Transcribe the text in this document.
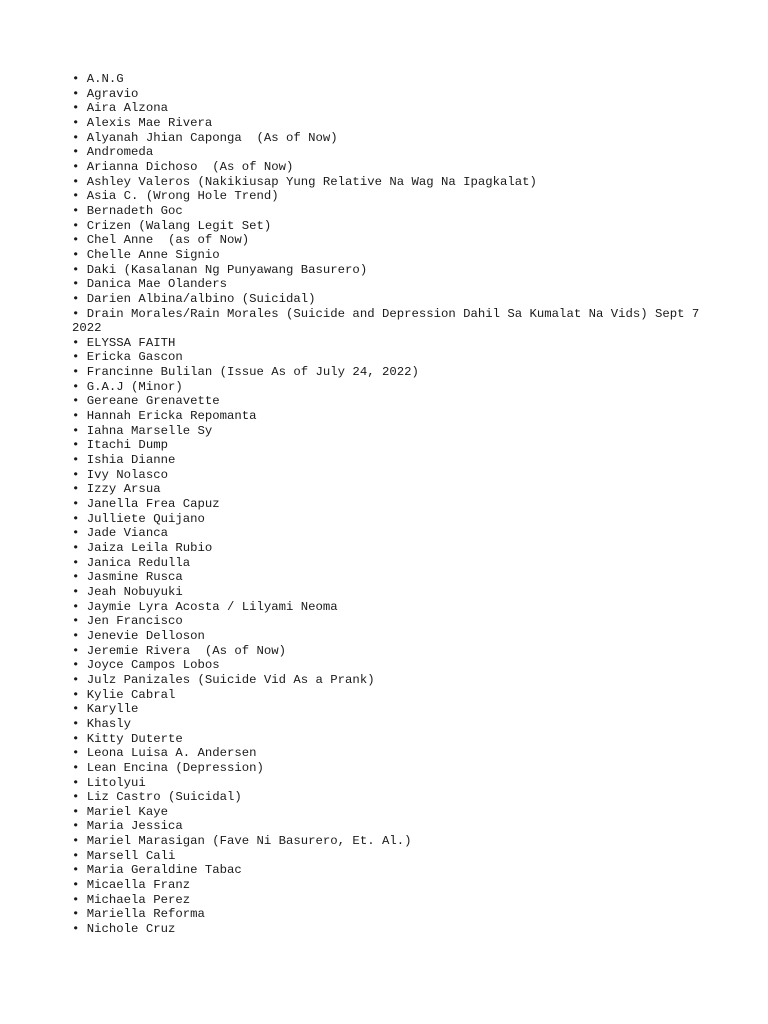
• A.N.G
• Agravio
• Aira Alzona
• Alexis Mae Rivera
• Alyanah Jhian Caponga  (As of Now)
• Andromeda
• Arianna Dichoso  (As of Now)
• Ashley Valeros (Nakikiusap Yung Relative Na Wag Na Ipagkalat)
• Asia C. (Wrong Hole Trend)
• Bernadeth Goc
• Crizen (Walang Legit Set)
• Chel Anne  (as of Now)
• Chelle Anne Signio
• Daki (Kasalanan Ng Punyawang Basurero)
• Danica Mae Olanders
• Darien Albina/albino (Suicidal)
• Drain Morales/Rain Morales (Suicide and Depression Dahil Sa Kumalat Na Vids) Sept 7 2022
• ELYSSA FAITH
• Ericka Gascon
• Francinne Bulilan (Issue As of July 24, 2022)
• G.A.J (Minor)
• Gereane Grenavette
• Hannah Ericka Repomanta
• Iahna Marselle Sy
• Itachi Dump
• Ishia Dianne
• Ivy Nolasco
• Izzy Arsua
• Janella Frea Capuz
• Julliete Quijano
• Jade Vianca
• Jaiza Leila Rubio
• Janica Redulla
• Jasmine Rusca
• Jeah Nobuyuki
• Jaymie Lyra Acosta / Lilyami Neoma
• Jen Francisco
• Jenevie Delloson
• Jeremie Rivera  (As of Now)
• Joyce Campos Lobos
• Julz Panizales (Suicide Vid As a Prank)
• Kylie Cabral
• Karylle
• Khasly
• Kitty Duterte
• Leona Luisa A. Andersen
• Lean Encina (Depression)
• Litolyui
• Liz Castro (Suicidal)
• Mariel Kaye
• Maria Jessica
• Mariel Marasigan (Fave Ni Basurero, Et. Al.)
• Marsell Cali
• Maria Geraldine Tabac
• Micaella Franz
• Michaela Perez
• Mariella Reforma
• Nichole Cruz
